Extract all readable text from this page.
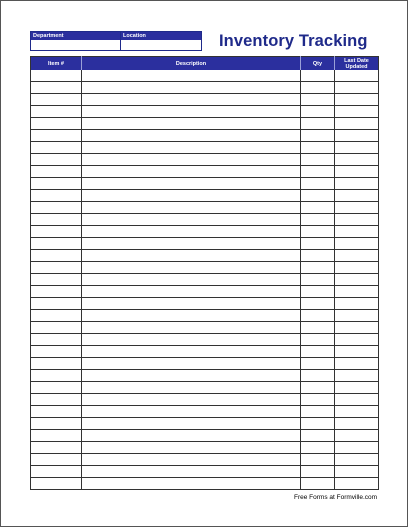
Department	Location	Inventory Tracking
Item #	Description	Qty	Last Date Updated

Free Forms at Formville.com
